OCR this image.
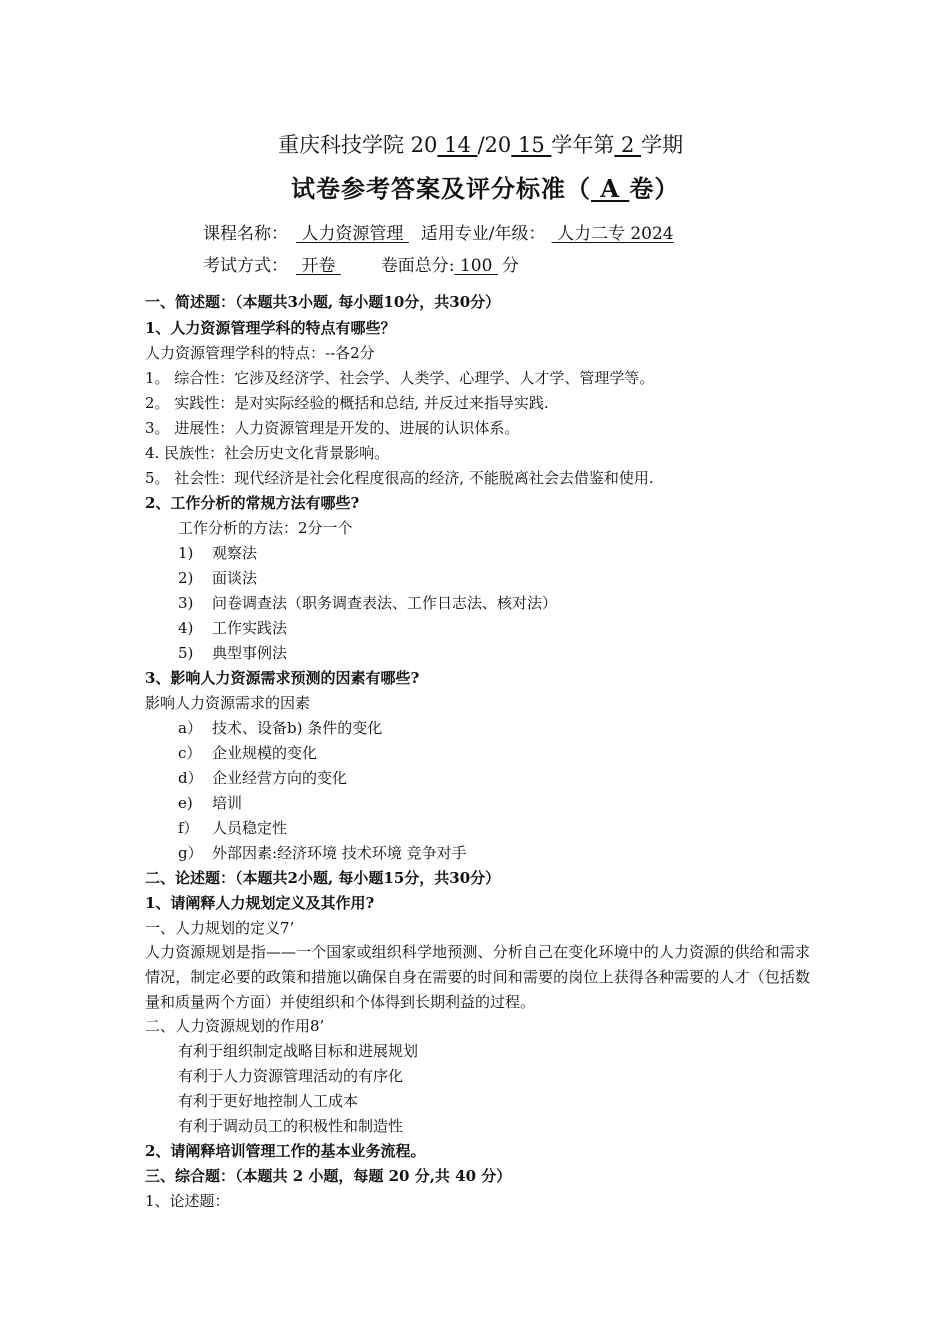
重庆科技学院 20 14 /20 15 学年第 2 学期
试卷参考答案及评分标准（ A 卷）
课程名称： 人力资源管理 适用专业/年级： 人力二专 2024
考试方式： 开卷 卷面总分: 100 分
一、简述题：（本题共3小题, 每小题10分，共30分）
1、人力资源管理学科的特点有哪些？
人力资源管理学科的特点：--各2分
1。 综合性：它涉及经济学、社会学、人类学、心理学、人才学、管理学等。
2。 实践性：是对实际经验的概括和总结, 并反过来指导实践.
3。 进展性：人力资源管理是开发的、进展的认识体系。
4. 民族性：社会历史文化背景影响。
5。 社会性：现代经济是社会化程度很高的经济, 不能脱离社会去借鉴和使用.
2、工作分析的常规方法有哪些?
工作分析的方法：2分一个
1) 观察法
2) 面谈法
3) 问卷调查法（职务调查表法、工作日志法、核对法）
4) 工作实践法
5) 典型事例法
3、影响人力资源需求预测的因素有哪些?
影响人力资源需求的因素
a） 技术、设备b) 条件的变化
c） 企业规模的变化
d） 企业经营方向的变化
e) 培训
f） 人员稳定性
g） 外部因素:经济环境 技术环境 竞争对手
二、论述题：（本题共2小题, 每小题15分，共30分）
1、请阐释人力规划定义及其作用?
一、人力规划的定义7’
人力资源规划是指——一个国家或组织科学地预测、分析自己在变化环境中的人力资源的供给和需求情况，制定必要的政策和措施以确保自身在需要的时间和需要的岗位上获得各种需要的人才（包括数量和质量两个方面）并使组织和个体得到长期利益的过程。
二、人力资源规划的作用8’
有利于组织制定战略目标和进展规划
有利于人力资源管理活动的有序化
有利于更好地控制人工成本
有利于调动员工的积极性和制造性
2、请阐释培训管理工作的基本业务流程。
三、综合题：（本题共 2 小题，每题 20 分,共 40 分）
1、论述题：
